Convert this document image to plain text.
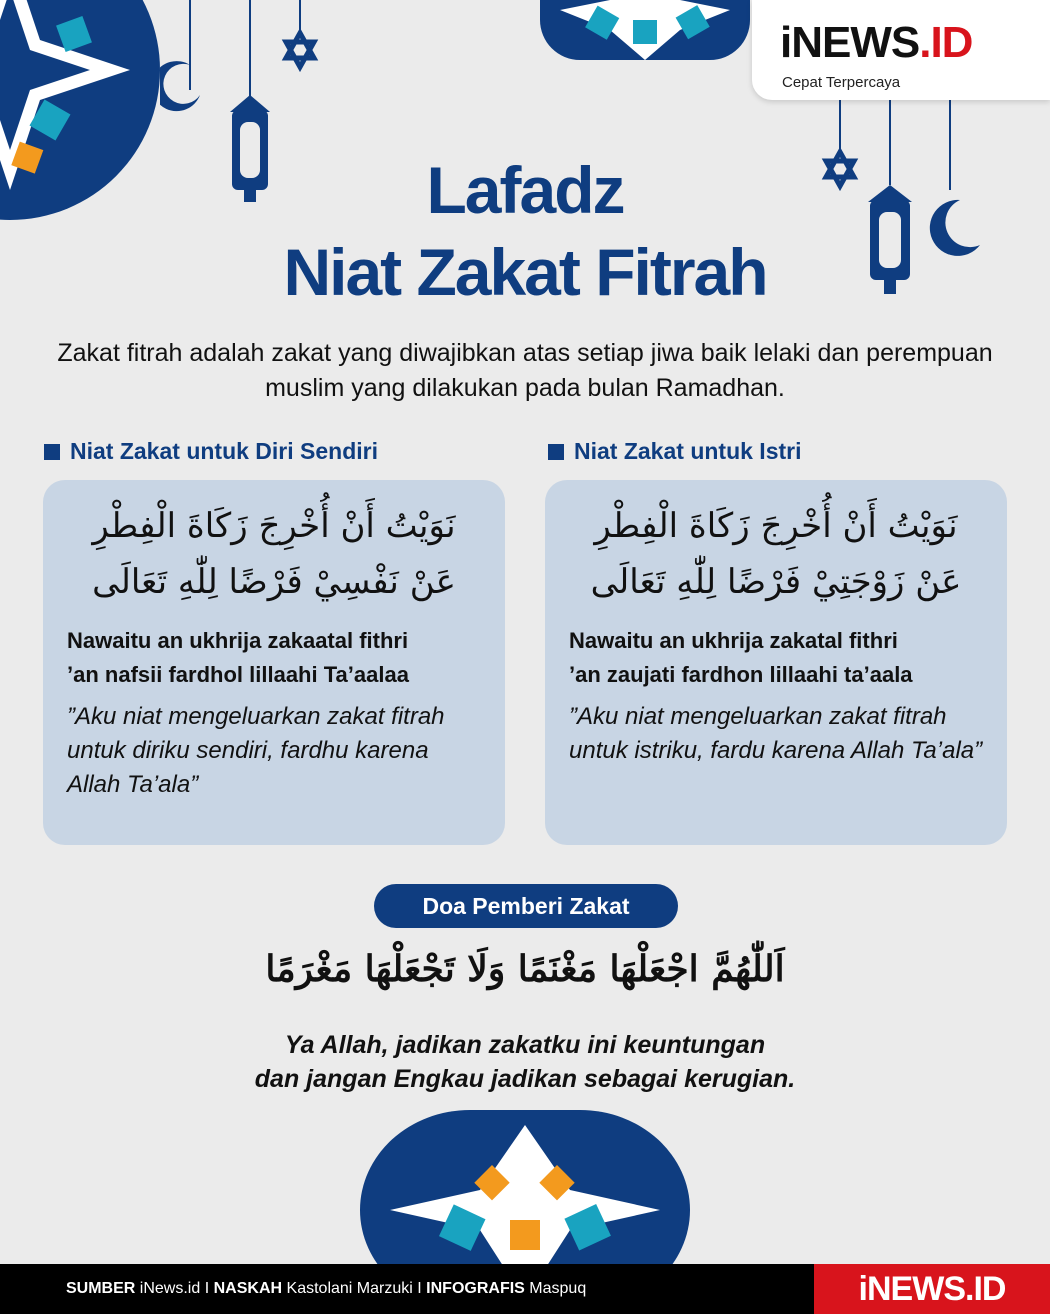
iNEWS.ID
Cepat Terpercaya
Lafadz
Niat Zakat Fitrah
Zakat fitrah adalah zakat yang diwajibkan atas setiap jiwa baik lelaki dan perempuan muslim yang dilakukan pada bulan Ramadhan.
Niat Zakat untuk Diri Sendiri	Niat Zakat untuk Istri
نَوَيْتُ أَنْ أُخْرِجَ زَكَاةَ الْفِطْرِ
عَنْ نَفْسِيْ فَرْضًا لِلّٰهِ تَعَالَى
Nawaitu an ukhrija zakaatal fithri
’an nafsii fardhol lillaahi Ta’aalaa
”Aku niat mengeluarkan zakat fitrah untuk diriku sendiri, fardhu karena Allah Ta’ala”
نَوَيْتُ أَنْ أُخْرِجَ زَكَاةَ الْفِطْرِ
عَنْ زَوْجَتِيْ فَرْضًا لِلّٰهِ تَعَالَى
Nawaitu an ukhrija zakatal fithri
’an zaujati fardhon lillaahi ta’aala
”Aku niat mengeluarkan zakat fitrah untuk istriku, fardu karena Allah Ta’ala”
Doa Pemberi Zakat
اَللّٰهُمَّ اجْعَلْهَا مَغْنَمًا وَلَا تَجْعَلْهَا مَغْرَمًا
Ya Allah, jadikan zakatku ini keuntungan
dan jangan Engkau jadikan sebagai kerugian.
SUMBER iNews.id I NASKAH Kastolani Marzuki I INFOGRAFIS Maspuq	iNEWS.ID
